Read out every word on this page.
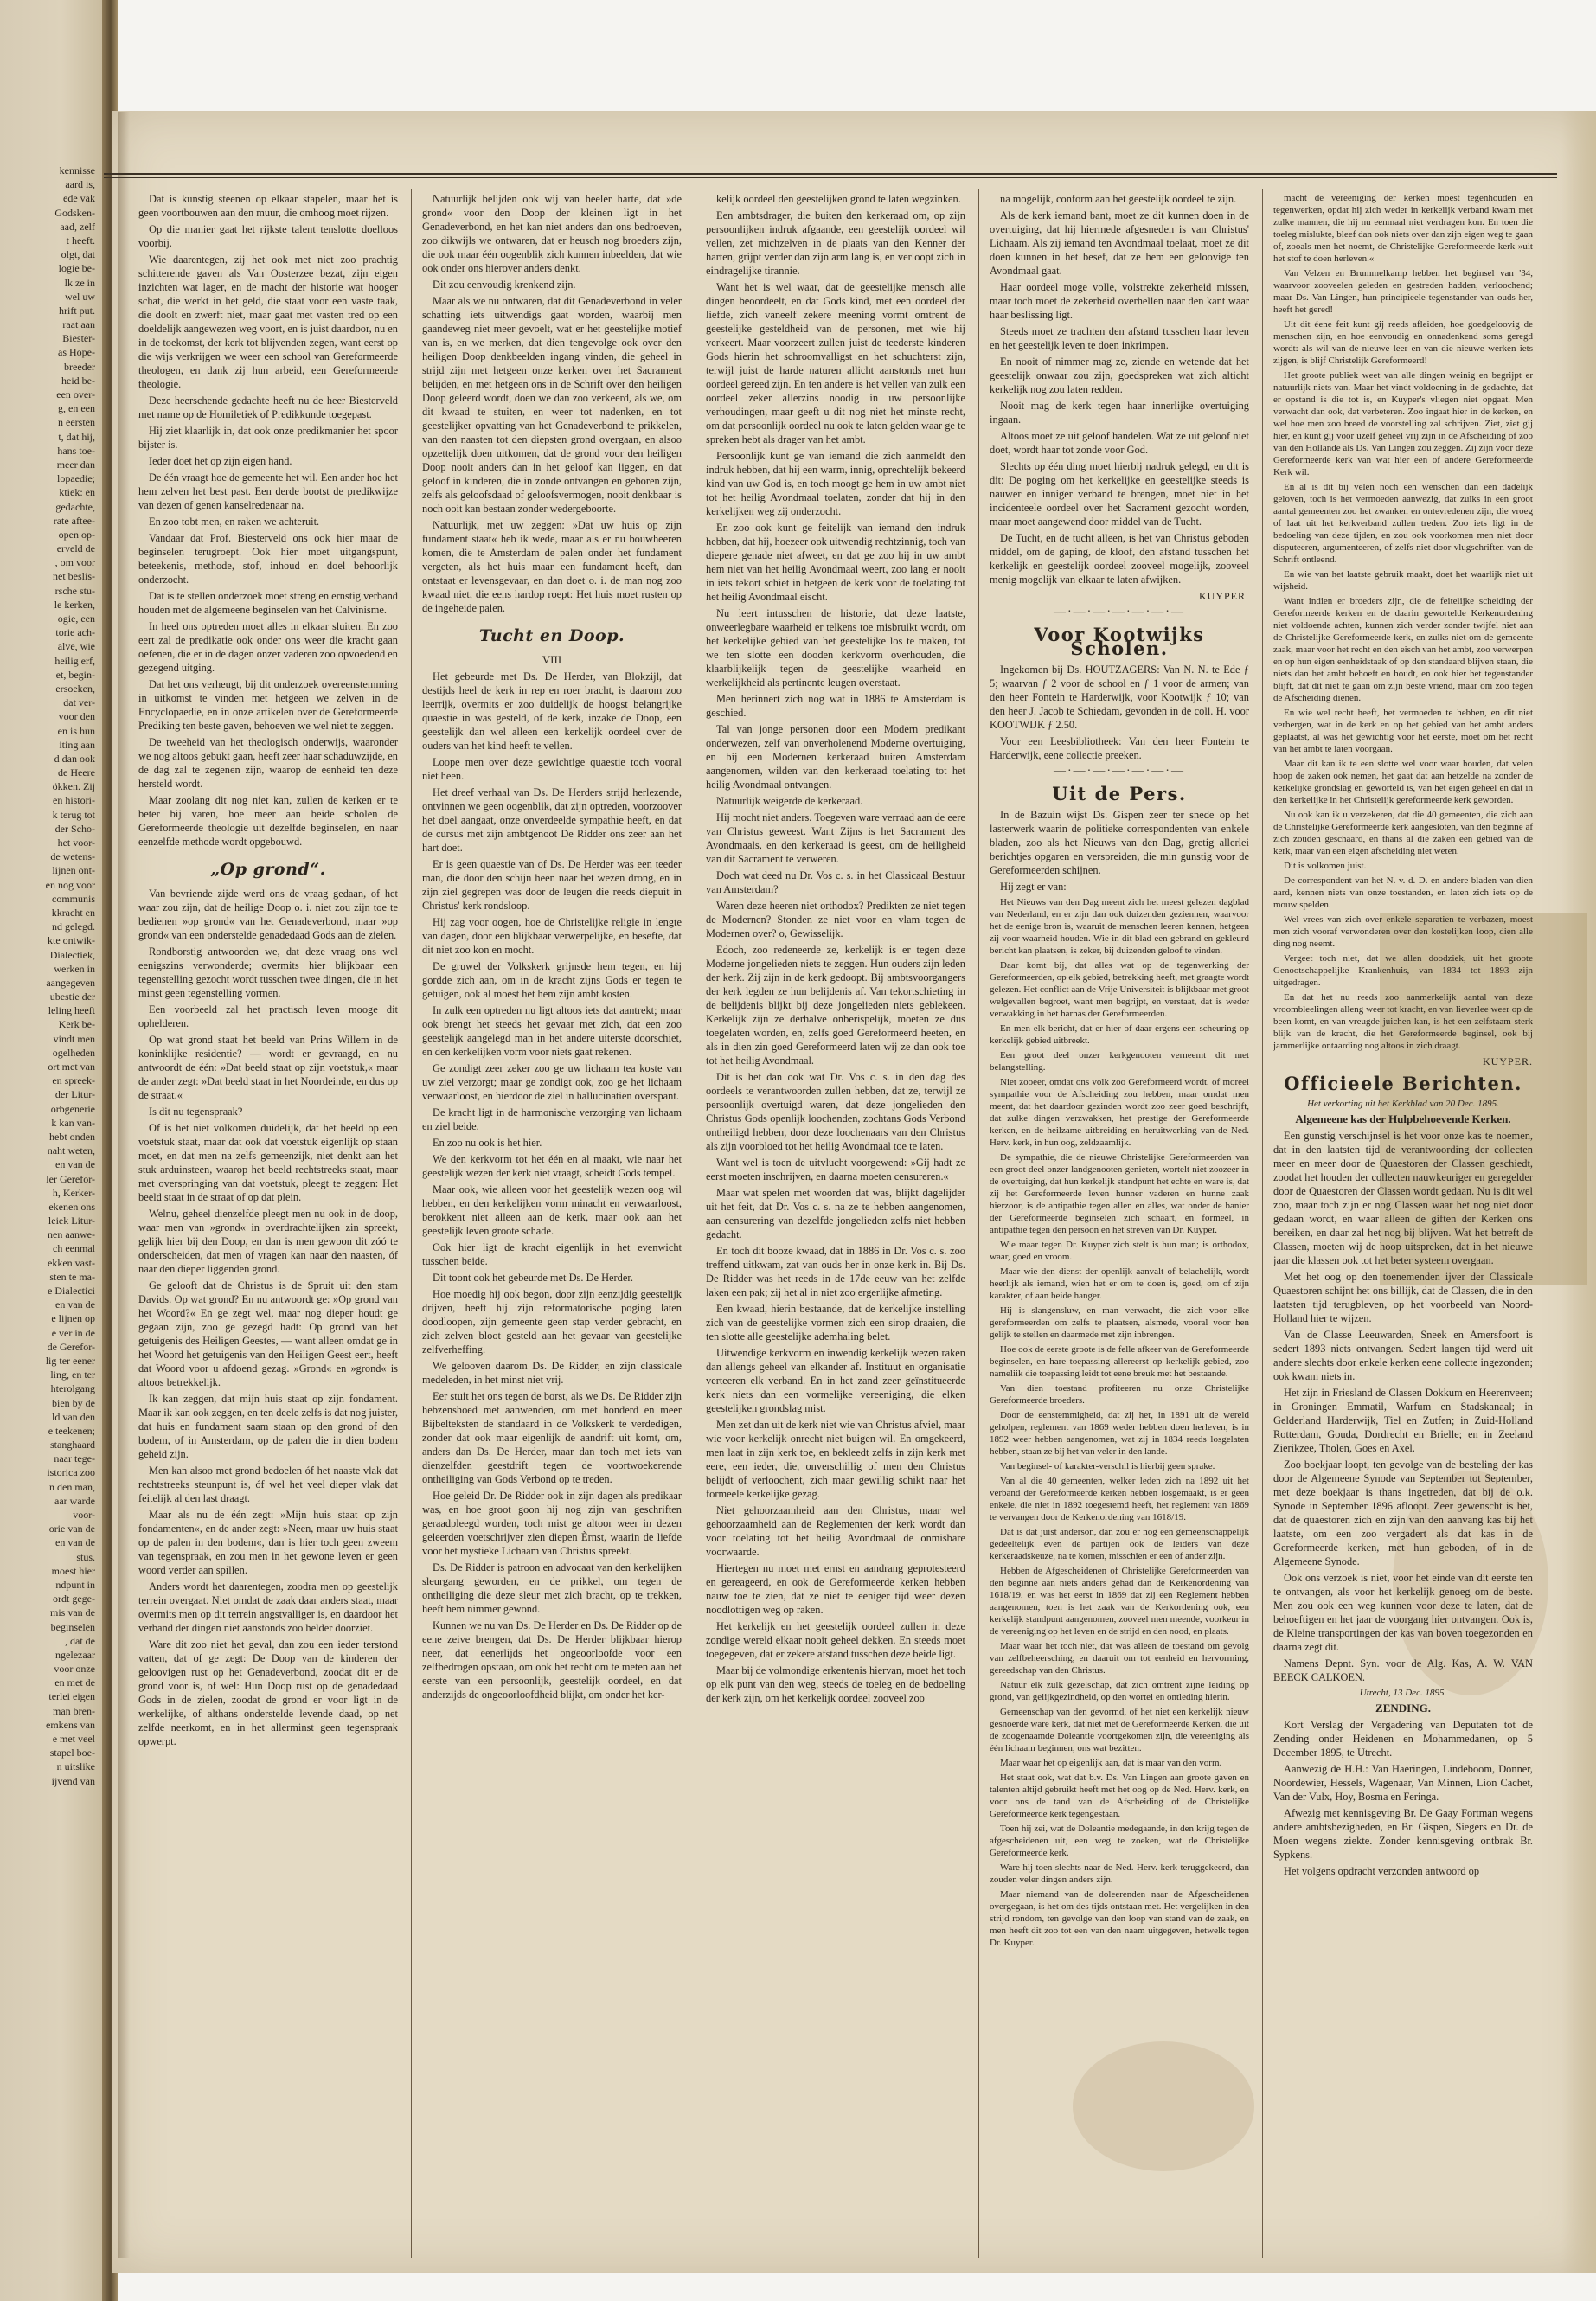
kennisse

aard is,

ede vak

Godsken-

aad, zelf

t heeft.

olgt, dat

logie be-

lk ze in

wel uw

hrift put.

raat aan

Biester-

as Hope-

breeder

heid be-

een over-

g, en een

n eersten

t, dat hij,

hans toe-

meer dan

lopaedie;

ktiek: en

gedachte,

rate aftee-

open op-

erveld de

, om voor

net beslis-

rsche stu-

le kerken,

ogie, een

torie ach-

alve, wie

heilig erf,

et, begin-

ersoeken,

dat ver-

voor den

en is hun

iting aan

d dan ook

de Heere

ökken. Zij

en histori-

k terug tot

der Scho-

het voor-

de wetens-

lijnen ont-

en nog voor

communis

kkracht en

nd gelegd.

kte ontwik-

Dialectiek,

werken in

aangegeven

ubestie der

leling heeft

Kerk be-

vindt men

ogelheden

ort met van

en spreek-

der Litur-

orbgenerie

k kan van-

hebt onden

naht weten,

en van de

ler Gerefor-

h, Kerker-

ekenen ons

leiek Litur-

nen aanwe-

ch eenmal

ekken vast-

sten te ma-

e Dialectici

en van de

e lijnen op

e ver in de

de Gerefor-

lig ter eener

ling, en ter

hterolgang

bien by de

ld van den

e teekenen;

stanghaard

naar tege-

istorica zoo

n den man,

aar warde

voor-

orie van de

en van de

stus.

moest hier

ndpunt in

ordt gege-

mis van de

beginselen

, dat de

ngelezaar

voor onze

en met de

terlei eigen

man bren-

emkens van

e met veel

stapel boe-

n uitslike

ijvend van

Dat is kunstig steenen op elkaar stapelen, maar het is geen voortbouwen aan den muur, die omhoog moet rijzen.

Op die manier gaat het rijkste talent tenslotte doelloos voorbij.

Wie daarentegen, zij het ook met niet zoo prachtig schitterende gaven als Van Oosterzee bezat, zijn eigen inzichten wat lager, en de macht der historie wat hooger schat, die werkt in het geld, die staat voor een vaste taak, die doolt en zwerft niet, maar gaat met vasten tred op een doeldelijk aangewezen weg voort, en is juist daardoor, nu en in de toekomst, der kerk tot blijvenden zegen, want eerst op die wijs verkrijgen we weer een school van Gereformeerde theologen, en dank zij hun arbeid, een Gereformeerde theologie.

Deze heerschende gedachte heeft nu de heer Biesterveld met name op de Homiletiek of Predikkunde toegepast.

Hij ziet klaarlijk in, dat ook onze predikmanier het spoor bijster is.

Ieder doet het op zijn eigen hand.

De één vraagt hoe de gemeente het wil. Een ander hoe het hem zelven het best past. Een derde bootst de predikwijze van dezen of genen kanselredenaar na.

En zoo tobt men, en raken we achteruit.

Vandaar dat Prof. Biesterveld ons ook hier maar de beginselen terugroept. Ook hier moet uitgangspunt, beteekenis, methode, stof, inhoud en doel behoorlijk onderzocht.

Dat is te stellen onderzoek moet streng en ernstig verband houden met de algemeene beginselen van het Calvinisme.

In heel ons optreden moet alles in elkaar sluiten. En zoo eert zal de predikatie ook onder ons weer die kracht gaan oefenen, die er in de dagen onzer vaderen zoo opvoedend en gezegend uitging.

Dat het ons verheugt, bij dit onderzoek overeenstemming in uitkomst te vinden met hetgeen we zelven in de Encyclopaedie, en in onze artikelen over de Gereformeerde Prediking ten beste gaven, behoeven we wel niet te zeggen.

De tweeheid van het theologisch onderwijs, waaronder we nog altoos gebukt gaan, heeft zeer haar schaduwzijde, en de dag zal te zegenen zijn, waarop de eenheid ten deze hersteld wordt.

Maar zoolang dit nog niet kan, zullen de kerken er te beter bij varen, hoe meer aan beide scholen de Gereformeerde theologie uit dezelfde beginselen, en naar eenzelfde methode wordt opgebouwd.

„Op grond“.

Van bevriende zijde werd ons de vraag gedaan, of het waar zou zijn, dat de heilige Doop o. i. niet zou zijn toe te bedienen »op grond« van het Genadeverbond, maar »op grond« van een onderstelde genadedaad Gods aan de zielen.

Rondborstig antwoorden we, dat deze vraag ons wel eenigszins verwonderde; overmits hier blijkbaar een tegenstelling gezocht wordt tusschen twee dingen, die in het minst geen tegenstelling vormen.

Een voorbeeld zal het practisch leven mooge dit ophelderen.

Op wat grond staat het beeld van Prins Willem in de koninklijke residentie? — wordt er gevraagd, en nu antwoordt de één: »Dat beeld staat op zijn voetstuk,« maar de ander zegt: »Dat beeld staat in het Noordeinde, en dus op de straat.«

Is dit nu tegenspraak?

Of is het niet volkomen duidelijk, dat het beeld op een voetstuk staat, maar dat ook dat voetstuk eigenlijk op staan moet, en dat men na zelfs gemeenzijk, niet denkt aan het stuk arduinsteen, waarop het beeld rechtstreeks staat, maar met overspringing van dat voetstuk, pleegt te zeggen: Het beeld staat in de straat of op dat plein.

Welnu, geheel dienzelfde pleegt men nu ook in de doop, waar men van »grond« in overdrachtelijken zin spreekt, gelijk hier bij den Doop, en dan is men gewoon dit zóó te onderscheiden, dat men of vragen kan naar den naasten, óf naar den dieper liggenden grond.

Ge gelooft dat de Christus is de Spruit uit den stam Davids. Op wat grond? En nu antwoordt ge: »Op grond van het Woord?« En ge zegt wel, maar nog dieper houdt ge gegaan zijn, zoo ge gezegd hadt: Op grond van het getuigenis des Heiligen Geestes, — want alleen omdat ge in het Woord het getuigenis van den Heiligen Geest eert, heeft dat Woord voor u afdoend gezag. »Grond« en »grond« is altoos betrekkelijk.

Ik kan zeggen, dat mijn huis staat op zijn fondament. Maar ik kan ook zeggen, en ten deele zelfs is dat nog juister, dat huis en fundament saam staan op den grond of den bodem, of in Amsterdam, op de palen die in dien bodem geheid zijn.

Men kan alsoo met grond bedoelen óf het naaste vlak dat rechtstreeks steunpunt is, óf wel het veel dieper vlak dat feitelijk al den last draagt.

Maar als nu de één zegt: »Mijn huis staat op zijn fondamenten«, en de ander zegt: »Neen, maar uw huis staat op de palen in den bodem«, dan is hier toch geen zweem van tegenspraak, en zou men in het gewone leven er geen woord verder aan spillen.

Anders wordt het daarentegen, zoodra men op geestelijk terrein overgaat. Niet omdat de zaak daar anders staat, maar overmits men op dit terrein angstvalliger is, en daardoor het verband der dingen niet aanstonds zoo helder doorziet.

Ware dit zoo niet het geval, dan zou een ieder terstond vatten, dat of ge zegt: De Doop van de kinderen der geloovigen rust op het Genadeverbond, zoodat dit er de grond voor is, of wel: Hun Doop rust op de genadedaad Gods in de zielen, zoodat de grond er voor ligt in de werkelijke, of althans onderstelde levende daad, op net zelfde neerkomt, en in het allerminst geen tegenspraak opwerpt.

Natuurlijk belijden ook wij van heeler harte, dat »de grond« voor den Doop der kleinen ligt in het Genadeverbond, en het kan niet anders dan ons bedroeven, zoo dikwijls we ontwaren, dat er heusch nog broeders zijn, die ook maar één oogenblik zich kunnen inbeelden, dat wie ook onder ons hierover anders denkt.

Dit zou eenvoudig krenkend zijn.

Maar als we nu ontwaren, dat dit Genadeverbond in veler schatting iets uitwendigs gaat worden, waarbij men gaandeweg niet meer gevoelt, wat er het geestelijke motief van is, en we merken, dat dien tengevolge ook over den heiligen Doop denkbeelden ingang vinden, die geheel in strijd zijn met hetgeen onze kerken over het Sacrament belijden, en met hetgeen ons in de Schrift over den heiligen Doop geleerd wordt, doen we dan zoo verkeerd, als we, om dit kwaad te stuiten, en weer tot nadenken, en tot geestelijker opvatting van het Genadeverbond te prikkelen, van den naasten tot den diepsten grond overgaan, en alsoo opzettelijk doen uitkomen, dat de grond voor den heiligen Doop nooit anders dan in het geloof kan liggen, en dat geloof in kinderen, die in zonde ontvangen en geboren zijn, zelfs als geloofsdaad of geloofsvermogen, nooit denkbaar is noch ooit kan bestaan zonder wedergeboorte.

Natuurlijk, met uw zeggen: »Dat uw huis op zijn fundament staat« heb ik wede, maar als er nu bouwheeren komen, die te Amsterdam de palen onder het fundament vergeten, als het huis maar een fundament heeft, dan ontstaat er levensgevaar, en dan doet o. i. de man nog zoo kwaad niet, die eens hardop roept: Het huis moet rusten op de ingeheide palen.

Tucht en Doop.

VIII

Het gebeurde met Ds. De Herder, van Blokzijl, dat destijds heel de kerk in rep en roer bracht, is daarom zoo leerrijk, overmits er zoo duidelijk de hoogst belangrijke quaestie in was gesteld, of de kerk, inzake de Doop, een geestelijk dan wel alleen een kerkelijk oordeel over de ouders van het kind heeft te vellen.

Loope men over deze gewichtige quaestie toch vooral niet heen.

Het dreef verhaal van Ds. De Herders strijd herlezende, ontvinnen we geen oogenblik, dat zijn optreden, voorzoover het doel aangaat, onze onverdeelde sympathie heeft, en dat de cursus met zijn ambtgenoot De Ridder ons zeer aan het hart doet.

Er is geen quaestie van of Ds. De Herder was een teeder man, die door den schijn heen naar het wezen drong, en in zijn ziel gegrepen was door de leugen die reeds diepuit in Christus' kerk rondsloop.

Hij zag voor oogen, hoe de Christelijke religie in lengte van dagen, door een blijkbaar verwerpelijke, en besefte, dat dit niet zoo kon en mocht.

De gruwel der Volkskerk grijnsde hem tegen, en hij gordde zich aan, om in de kracht zijns Gods er tegen te getuigen, ook al moest het hem zijn ambt kosten.

In zulk een optreden nu ligt altoos iets dat aantrekt; maar ook brengt het steeds het gevaar met zich, dat een zoo geestelijk aangelegd man in het andere uiterste doorschiet, en den kerkelijken vorm voor niets gaat rekenen.

Ge zondigt zeer zeker zoo ge uw lichaam tea koste van uw ziel verzorgt; maar ge zondigt ook, zoo ge het lichaam verwaarloost, en hierdoor de ziel in hallucinatien overspant.

De kracht ligt in de harmonische verzorging van lichaam en ziel beide.

En zoo nu ook is het hier.

We den kerkvorm tot het één en al maakt, wie naar het geestelijk wezen der kerk niet vraagt, scheidt Gods tempel.

Maar ook, wie alleen voor het geestelijk wezen oog wil hebben, en den kerkelijken vorm minacht en verwaarloost, berokkent niet alleen aan de kerk, maar ook aan het geestelijk leven groote schade.

Ook hier ligt de kracht eigenlijk in het evenwicht tusschen beide.

Dit toont ook het gebeurde met Ds. De Herder.

Hoe moedig hij ook begon, door zijn eenzijdig geestelijk drijven, heeft hij zijn reformatorische poging laten doodloopen, zijn gemeente geen stap verder gebracht, en zich zelven bloot gesteld aan het gevaar van geestelijke zelfverheffing.

We gelooven daarom Ds. De Ridder, en zijn classicale medeleden, in het minst niet vrij.

Eer stuit het ons tegen de borst, als we Ds. De Ridder zijn hebzenshoed met aanwenden, om met honderd en meer Bijbelteksten de standaard in de Volkskerk te verdedigen, zonder dat ook maar eigenlijk de aandrift uit komt, om, anders dan Ds. De Herder, maar dan toch met iets van dienzelfden geestdrift tegen de voortwoekerende ontheiliging van Gods Verbond op te treden.

Hoe geleid Dr. De Ridder ook in zijn dagen als predikaar was, en hoe groot goon hij nog zijn van geschriften geraadpleegd worden, toch mist ge altoor weer in dezen geleerden voetschrijver zien diepen Èrnst, waarin de liefde voor het mystieke Lichaam van Christus spreekt.

Ds. De Ridder is patroon en advocaat van den kerkelijken sleurgang geworden, en de prikkel, om tegen de ontheiliging die deze sleur met zich bracht, op te trekken, heeft hem nimmer gewond.

Kunnen we nu van Ds. De Herder en Ds. De Ridder op de eene zeive brengen, dat Ds. De Herder blijkbaar hierop neer, dat eenerlijds het ongeoorloofde voor een zelfbedrogen opstaan, om ook het recht om te meten aan het eerste van een persoonlijk, geestelijk oordeel, en dat anderzijds de ongeoorloofdheid blijkt, om onder het ker-

kelijk oordeel den geestelijken grond te laten wegzinken.

Een ambtsdrager, die buiten den kerkeraad om, op zijn persoonlijken indruk afgaande, een geestelijk oordeel wil vellen, zet michzelven in de plaats van den Kenner der harten, grijpt verder dan zijn arm lang is, en verloopt zich in eindragelijke tirannie.

Want het is wel waar, dat de geestelijke mensch alle dingen beoordeelt, en dat Gods kind, met een oordeel der liefde, zich vaneelf zekere meening vormt omtrent de geestelijke gesteldheid van de personen, met wie hij verkeert. Maar voorzeert zullen juist de teederste kinderen Gods hierin het schroomvalligst en het schuchterst zijn, terwijl juist de harde naturen allicht aanstonds met hun oordeel gereed zijn. En ten andere is het vellen van zulk een oordeel zeker allerzins noodig in uw persoonlijke verhoudingen, maar geeft u dit nog niet het minste recht, om dat persoonlijk oordeel nu ook te laten gelden waar ge te spreken hebt als drager van het ambt.

Persoonlijk kunt ge van iemand die zich aanmeldt den indruk hebben, dat hij een warm, innig, oprechtelijk bekeerd kind van uw God is, en toch moogt ge hem in uw ambt niet tot het heilig Avondmaal toelaten, zonder dat hij in den kerkelijken weg zij onderzocht.

En zoo ook kunt ge feitelijk van iemand den indruk hebben, dat hij, hoezeer ook uitwendig rechtzinnig, toch van diepere genade niet afweet, en dat ge zoo hij in uw ambt hem niet van het heilig Avondmaal weert, zoo lang er nooit in iets tekort schiet in hetgeen de kerk voor de toelating tot het heilig Avondmaal eischt.

Nu leert intusschen de historie, dat deze laatste, onweerlegbare waarheid er telkens toe misbruikt wordt, om het kerkelijke gebied van het geestelijke los te maken, tot we ten slotte een dooden kerkvorm overhouden, die klaarblijkelijk tegen de geestelijke waarheid en werkelijkheid als pertinente leugen overstaat.

Men herinnert zich nog wat in 1886 te Amsterdam is geschied.

Tal van jonge personen door een Modern predikant onderwezen, zelf van onverholenend Moderne overtuiging, en bij een Modernen kerkeraad buiten Amsterdam aangenomen, wilden van den kerkeraad toelating tot het heilig Avondmaal ontvangen.

Natuurlijk weigerde de kerkeraad.

Hij mocht niet anders. Toegeven ware verraad aan de eere van Christus geweest. Want Zijns is het Sacrament des Avondmaals, en den kerkeraad is geest, om de heiligheid van dit Sacrament te verweren.

Doch wat deed nu Dr. Vos c. s. in het Classicaal Bestuur van Amsterdam?

Waren deze heeren niet orthodox? Predikten ze niet tegen de Modernen? Stonden ze niet voor en vlam tegen de Modernen over? o, Gewisselijk.

Edoch, zoo redeneerde ze, kerkelijk is er tegen deze Moderne jongelieden niets te zeggen. Hun ouders zijn leden der kerk. Zij zijn in de kerk gedoopt. Bij ambtsvoorgangers der kerk legden ze hun belijdenis af. Van tekortschieting in de belijdenis blijkt bij deze jongelieden niets geblekeen. Kerkelijk zijn ze derhalve onberispelijk, moeten ze dus toegelaten worden, en, zelfs goed Gereformeerd heeten, en als in dien zin goed Gereformeerd laten wij ze dan ook toe tot het heilig Avondmaal.

Dit is het dan ook wat Dr. Vos c. s. in den dag des oordeels te verantwoorden zullen hebben, dat ze, terwijl ze persoonlijk overtuigd waren, dat deze jongelieden den Christus Gods openlijk loochenden, zochtans Gods Verbond ontheiligd hebben, door deze loochenaars van den Christus als zijn voorbloed tot het heilig Avondmaal toe te laten.

Want wel is toen de uitvlucht voorgewend: »Gij hadt ze eerst moeten inschrijven, en daarna moeten censureren.«

Maar wat spelen met woorden dat was, blijkt dagelijder uit het feit, dat Dr. Vos c. s. na ze te hebben aangenomen, aan censurering van dezelfde jongelieden zelfs niet hebben gedacht.

En toch dit booze kwaad, dat in 1886 in Dr. Vos c. s. zoo treffend uitkwam, zat van ouds her in onze kerk in. Bij Ds. De Ridder was het reeds in de 17de eeuw van het zelfde laken een pak; zij het al in niet zoo ergerlijke afmeting.

Een kwaad, hierin bestaande, dat de kerkelijke instelling zich van de geestelijke vormen zich een sirop draaien, die ten slotte alle geestelijke ademhaling belet.

Uitwendige kerkvorm en inwendig kerkelijk wezen raken dan allengs geheel van elkander af. Instituut en organisatie verteeren elk verband. En in het zand zeer geïnstitueerde kerk niets dan een vormelijke vereeniging, die elken geestelijken grondslag mist.

Men zet dan uit de kerk niet wie van Christus afviel, maar wie voor kerkelijk onrecht niet buigen wil. En omgekeerd, men laat in zijn kerk toe, en bekleedt zelfs in zijn kerk met eere, een ieder, die, onverschillig of men den Christus belijdt of verloochent, zich maar gewillig schikt naar het formeele kerkelijke gezag.

Niet gehoorzaamheid aan den Christus, maar wel gehoorzaamheid aan de Reglementen der kerk wordt dan voor toelating tot het heilig Avondmaal de onmisbare voorwaarde.

Hiertegen nu moet met ernst en aandrang geprotesteerd en gereageerd, en ook de Gereformeerde kerken hebben nauw toe te zien, dat ze niet te eeniger tijd weer dezen noodlottigen weg op raken.

Het kerkelijk en het geestelijk oordeel zullen in deze zondige wereld elkaar nooit geheel dekken. En steeds moet toegegeven, dat er zekere afstand tusschen deze beide ligt.

Maar bij de volmondige erkentenis hiervan, moet het toch op elk punt van den weg, steeds de toeleg en de bedoeling der kerk zijn, om het kerkelijk oordeel zooveel zoo

na mogelijk, conform aan het geestelijk oordeel te zijn.

Als de kerk iemand bant, moet ze dit kunnen doen in de overtuiging, dat hij hiermede afgesneden is van Christus' Lichaam. Als zij iemand ten Avondmaal toelaat, moet ze dit doen kunnen in het besef, dat ze hem een geloovige ten Avondmaal gaat.

Haar oordeel moge volle, volstrekte zekerheid missen, maar toch moet de zekerheid overhellen naar den kant waar haar beslissing ligt.

Steeds moet ze trachten den afstand tusschen haar leven en het geestelijk leven te doen inkrimpen.

En nooit of nimmer mag ze, ziende en wetende dat het geestelijk onwaar zou zijn, goedspreken wat zich alticht kerkelijk nog zou laten redden.

Nooit mag de kerk tegen haar innerlijke overtuiging ingaan.

Altoos moet ze uit geloof handelen. Wat ze uit geloof niet doet, wordt haar tot zonde voor God.

Slechts op één ding moet hierbij nadruk gelegd, en dit is dit: De poging om het kerkelijke en geestelijke steeds is nauwer en inniger verband te brengen, moet niet in het incidenteele oordeel over het Sacrament gezocht worden, maar moet aangewend door middel van de Tucht.

De Tucht, en de tucht alleen, is het van Christus geboden middel, om de gaping, de kloof, den afstand tusschen het kerkelijk en geestelijk oordeel zooveel mogelijk, zooveel menig mogelijk van elkaar te laten afwijken.

KUYPER.

—·—·—·—·—·—·—

Voor Kootwijks Scholen.

Ingekomen bij Ds. HOUTZAGERS: Van N. N. te Ede ƒ 5; waarvan ƒ 2 voor de school en ƒ 1 voor de armen; van den heer Fontein te Harderwijk, voor Kootwijk ƒ 10; van den heer J. Jacob te Schiedam, gevonden in de coll. H. voor KOOTWIJK ƒ 2.50.

Voor een Leesbibliotheek: Van den heer Fontein te Harderwijk, eene collectie preeken.

—·—·—·—·—·—·—

Uit de Pers.

In de Bazuin wijst Ds. Gispen zeer ter snede op het lasterwerk waarin de politieke correspondenten van enkele bladen, zoo als het Nieuws van den Dag, gretig allerlei berichtjes opgaren en verspreiden, die min gunstig voor de Gereformeerden schijnen.

Hij zegt er van:

Het Nieuws van den Dag meent zich het meest gelezen dagblad van Nederland, en er zijn dan ook duizenden geziennen, waarvoor het de eenige bron is, waaruit de menschen leeren kennen, hetgeen zij voor waarheid houden. Wie in dit blad een gebrand en gekleurd bericht kan plaatsen, is zeker, bij duizenden geloof te vinden.

Daar komt bij, dat alles wat op de tegenwerking der Gereformeerden, op elk gebied, betrekking heeft, met graagte wordt gelezen. Het conflict aan de Vrije Universiteit is blijkbaar met groot welgevallen begroet, want men begrijpt, en verstaat, dat is weder verwakking in het harnas der Gereformeerden.

En men elk bericht, dat er hier of daar ergens een scheuring op kerkelijk gebied uitbreekt.

Een groot deel onzer kerkgenooten verneemt dit met belangstelling.

Niet zooeer, omdat ons volk zoo Gereformeerd wordt, of moreel sympathie voor de Afscheiding zou hebben, maar omdat men meent, dat het daardoor gezinden wordt zoo zeer goed beschrijft, dat zulke dingen verzwakken, het prestige der Gereformeerde kerken, en de heilzame uitbreiding en heruitwerking van de Ned. Herv. kerk, in hun oog, zeldzaamlijk.

De sympathie, die de nieuwe Christelijke Gereformeerden van een groot deel onzer landgenooten genieten, wortelt niet zoozeer in de overtuiging, dat hun kerkelijk standpunt het echte en ware is, dat zij het Gereformeerde leven hunner vaderen en hunne zaak hierzoor, is de antipathie tegen allen en alles, wat onder de banier der Gereformeerde beginselen zich schaart, en formeel, in antipathie tegen den persoon en het streven van Dr. Kuyper.

Wie maar tegen Dr. Kuyper zich stelt is hun man; is orthodox, waar, goed en vroom.

Maar wie den dienst der openlijk aanvalt of belachelijk, wordt heerlijk als iemand, wien het er om te doen is, goed, om of zijn karakter, of aan beide hanger.

Hij is slangensluw, en man verwacht, die zich voor elke gereformeerden om zelfs te plaatsen, alsmede, vooral voor hen gelijk te stellen en daarmede met zijn inbrengen.

Hoe ook de eerste groote is de felle afkeer van de Gereformeerde beginselen, en hare toepassing allereerst op kerkelijk gebied, zoo nameliik die toepassing leidt tot eene breuk met het bestaande.

Van dien toestand profiteeren nu onze Christelijke Gereformeerde broeders.

Door de eenstemmigheid, dat zij het, in 1891 uit de wereld geholpen, reglement van 1869 weder hebben doen herleven, is in 1892 weer hebben aangenomen, wat zij in 1834 reeds losgelaten hebben, staan ze bij het van veler in den lande.

Van beginsel- of karakter-verschil is hierbij geen sprake.

Van al die 40 gemeenten, welker leden zich na 1892 uit het verband der Gereformeerde kerken hebben losgemaakt, is er geen enkele, die niet in 1892 toegestemd heeft, het reglement van 1869 te vervangen door de Kerkenordening van 1618/19.

Dat is dat juist anderson, dan zou er nog een gemeenschappelijk gedeeltelijk even de partijen ook de leiders van deze kerkeraadskeuze, na te komen, misschien er een of ander zijn.

Hebben de Afgescheidenen of Christelijke Gereformeerden van den beginne aan niets anders gehad dan de Kerkenordening van 1618/19, en was het eerst in 1869 dat zij een Reglement hebben aangenomen, toen is het zaak van de Kerkordening ook, een kerkelijk standpunt aangenomen, zooveel men meende, voorkeur in de vereeniging op het leven en de strijd en den nood, en plaats.

Maar waar het toch niet, dat was alleen de toestand om gevolg van zelfbeheersching, en daaruit om tot eenheid en hervorming, gereedschap van den Christus.

Natuur elk zulk gezelschap, dat zich omtrent zijne leiding op grond, van gelijkgezindheid, op den wortel en ontleding hierin.

Gemeenschap van den gevormd, of het niet een kerkelijk nieuw gesnoerde ware kerk, dat niet met de Gereformeerde Kerken, die uit de zoogenaamde Doleantie voortgekomen zijn, die vereeniging als één lichaam beginnen, ons wat bezitten.

Maar waar het op eigenlijk aan, dat is maar van den vorm.

Het staat ook, wat dat b.v. Ds. Van Lingen aan groote gaven en talenten altijd gebruikt heeft met het oog op de Ned. Herv. kerk, en voor ons de tand van de Afscheiding of de Christelijke Gereformeerde kerk tegengestaan.

Toen hij zei, wat de Doleantie medegaande, in den krijg tegen de afgescheidenen uit, een weg te zoeken, wat de Christelijke Gereformeerde kerk.

Ware hij toen slechts naar de Ned. Herv. kerk teruggekeerd, dan zouden veler dingen anders zijn.

Maar niemand van de doleerenden naar de Afgescheidenen overgegaan, is het om des tijds ontstaan met. Het vergelijken in den strijd rondom, ten gevolge van den loop van stand van de zaak, en men heeft dit zoo tot een van den naam uitgegeven, hetwelk tegen Dr. Kuyper.

macht de vereeniging der kerken moest tegenhouden en tegenwerken, opdat hij zich weder in kerkelijk verband kwam met zulke mannen, die hij nu eenmaal niet verdragen kon. En toen die toeleg mislukte, bleef dan ook niets over dan zijn eigen weg te gaan of, zooals men het noemt, de Christelijke Gereformeerde kerk »uit het stof te doen herleven.«

Van Velzen en Brummelkamp hebben het beginsel van '34, waarvoor zooveelen geleden en gestreden hadden, verloochend; maar Ds. Van Lingen, hun principieele tegenstander van ouds her, heeft het gered!

Uit dit éene feit kunt gij reeds afleiden, hoe goedgeloovig de menschen zijn, en hoe eenvoudig en onnadenkend soms geregd wordt: als wil van de nieuwe leer en van die nieuwe werken iets zijgen, is blijf Christelijk Gereformeerd!

Het groote publiek weet van alle dingen weinig en begrijpt er natuurlijk niets van. Maar het vindt voldoening in de gedachte, dat er opstand is die tot is, en Kuyper's vliegen niet opgaat. Men verwacht dan ook, dat verbeteren. Zoo ingaat hier in de kerken, en wel hoe men zoo breed de voorstelling zal schrijven. Ziet, ziet gij hier, en kunt gij voor uzelf geheel vrij zijn in de Afscheiding of zoo van den Hollande als Ds. Van Lingen zou zeggen. Zij zijn voor deze Gereformeerde kerk van wat hier een of andere Gereformeerde Kerk wil.

En al is dit bij velen noch een wenschen dan een dadelijk geloven, toch is het vermoeden aanwezig, dat zulks in een groot aantal gemeenten zoo het zwanken en ontevredenen zijn, die vroeg of laat uit het kerkverband zullen treden. Zoo iets ligt in de bedoeling van deze tijden, en zou ook voorkomen men niet door disputeeren, argumenteeren, of zelfs niet door vlugschriften van de Schrift ontleend.

En wie van het laatste gebruik maakt, doet het waarlijk niet uit wijsheid.

Want indien er broeders zijn, die de feitelijke scheiding der Gereformeerde kerken en de daarin gewortelde Kerkenordening niet voldoende achten, kunnen zich verder zonder twijfel niet aan de Christelijke Gereformeerde kerk, en zulks niet om de gemeente zaak, maar voor het recht en den eisch van het ambt, zoo verwerpen en op hun eigen eenheidstaak of op den standaard blijven staan, die niets dan het ambt behoeft en houdt, en ook hier het tegenstander blijft, dat dit niet te gaan om zijn beste vriend, maar om zoo tegen de Afscheiding dienen.

En wie wel recht heeft, het vermoeden te hebben, en dit niet verbergen, wat in de kerk en op het gebied van het ambt anders geplaatst, al was het gewichtig voor het eerste, moet om het recht van het ambt te laten voorgaan.

Maar dit kan ik te een slotte wel voor waar houden, dat velen hoop de zaken ook nemen, het gaat dat aan hetzelde na zonder de kerkelijke grondslag en geworteld is, van het eigen geheel en dat in den kerkelijke in het Christelijk gereformeerde kerk geworden.

Nu ook kan ik u verzekeren, dat die 40 gemeenten, die zich aan de Christelijke Gereformeerde kerk aangesloten, van den beginne af zich zouden geschaard, en thans al die zaken een gebied van de kerk, maar van een eigen afscheiding niet weten.

Dit is volkomen juist.

De correspondent van het N. v. d. D. en andere bladen van dien aard, kennen niets van onze toestanden, en laten zich iets op de mouw spelden.

Wel vrees van zich over enkele separatien te verbazen, moest men zich vooraf verwonderen over den kostelijken loop, dien alle ding nog neemt.

Vergeet toch niet, dat we allen doodziek, uit het groote Genootschappelijke Krankenhuis, van 1834 tot 1893 zijn uitgedragen.

En dat het nu reeds zoo aanmerkelijk aantal van deze vroombleelingen alleng weer tot kracht, en van lieverlee weer op de been komt, en van vreugde juichen kan, is het een zelfstaam sterk blijk van de kracht, die het Gereformeerde beginsel, ook bij jammerlijke ontaarding nog altoos in zich draagt.

KUYPER.

Officieele Berichten.

Het verkorting uit het Kerkblad van 20 Dec. 1895.

Algemeene kas der Hulpbehoevende Kerken.

Een gunstig verschijnsel is het voor onze kas te noemen, dat in den laatsten tijd de verantwoording der collecten meer en meer door de Quaestoren der Classen geschiedt, zoodat het houden der collecten nauwkeuriger en geregelder door de Quaestoren der Classen wordt gedaan. Nu is dit wel zoo, maar toch zijn er nog Classen waar het nog niet door gedaan wordt, en waar alleen de giften der Kerken ons bereiken, en daar zal het nog bij blijven. Wat het betreft de Classen, moeten wij de hoop uitspreken, dat in het nieuwe jaar die klassen ook tot het beter systeem overgaan.

Met het oog op den toenemenden ijver der Classicale Quaestoren schijnt het ons billijk, dat de Classen, die in den laatsten tijd terugbleven, op het voorbeeld van Noord-Holland hier te wijzen.

Van de Classe Leeuwarden, Sneek en Amersfoort is sedert 1893 niets ontvangen. Sedert langen tijd werd uit andere slechts door enkele kerken eene collecte ingezonden; ook kwam niets in.

Het zijn in Friesland de Classen Dokkum en Heerenveen; in Groningen Emmatil, Warfum en Stadskanaal; in Gelderland Harderwijk, Tiel en Zutfen; in Zuid-Holland Rotterdam, Gouda, Dordrecht en Brielle; en in Zeeland Zierikzee, Tholen, Goes en Axel.

Zoo boekjaar loopt, ten gevolge van de besteling der kas door de Algemeene Synode van September tot September, met deze boekjaar is thans ingetreden, dat bij de o.k. Synode in September 1896 afloopt. Zeer gewenscht is het, dat de quaestoren zich en zijn van den aanvang kas bij het laatste, om een zoo vergadert als dat kas in de Gereformeerde kerken, met hun geboden, of in de Algemeene Synode.

Ook ons verzoek is niet, voor het einde van dit eerste ten te ontvangen, als voor het kerkelijk genoeg om de beste. Men zou ook een weg kunnen voor deze te laten, dat de behoeftigen en het jaar de voorgang hier ontvangen. Ook is, de Kleine transportingen der kas van boven toegezonden en daarna zegt dit.

Namens Depnt. Syn. voor de Alg. Kas, A. W. VAN BEECK CALKOEN.

Utrecht, 13 Dec. 1895.

ZENDING.

Kort Verslag der Vergadering van Deputaten tot de Zending onder Heidenen en Mohammedanen, op 5 December 1895, te Utrecht.

Aanwezig de H.H.: Van Haeringen, Lindeboom, Donner, Noordewier, Hessels, Wagenaar, Van Minnen, Lion Cachet, Van der Vulx, Hoy, Bosma en Feringa.

Afwezig met kennisgeving Br. De Gaay Fortman wegens andere ambtsbezigheden, en Br. Gispen, Siegers en Dr. de Moen wegens ziekte. Zonder kennisgeving ontbrak Br. Sypkens.

Het volgens opdracht verzonden antwoord op
